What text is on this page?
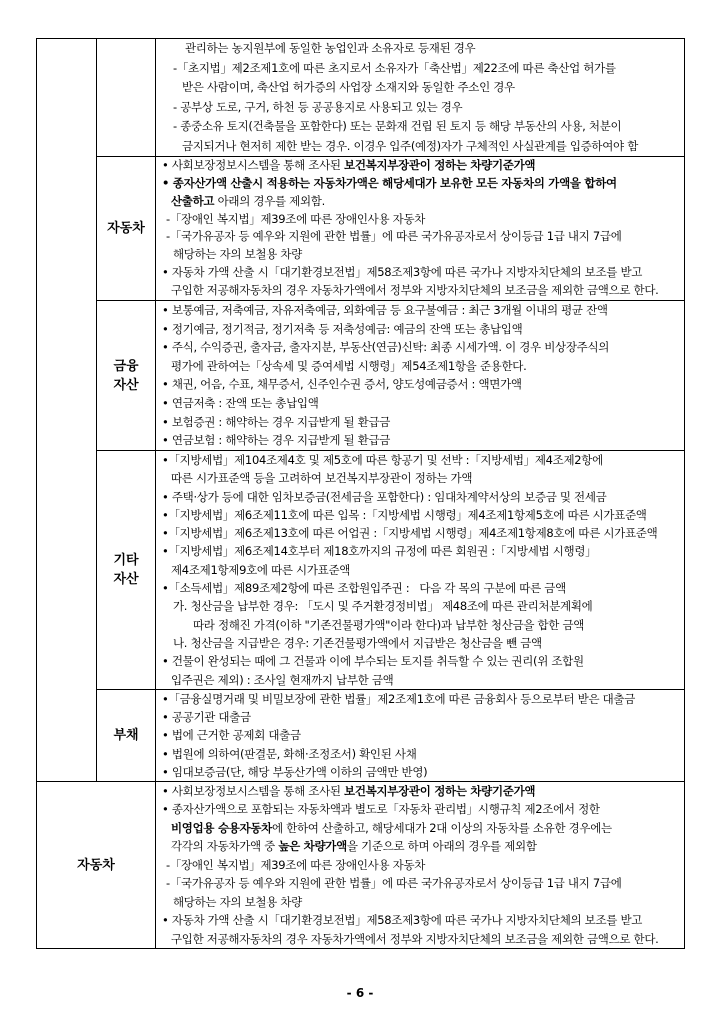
관리하는 농지원부에 동일한 농업인과 소유자로 등재된 경우
-「초지법」제2조제1호에 따른 초지로서 소유자가「축산법」제22조에 따른 축산업 허가를
받은 사람이며, 축산업 허가증의 사업장 소재지와 동일한 주소인 경우
- 공부상 도로, 구거, 하천 등 공공용지로 사용되고 있는 경우
- 종중소유 토지(건축물을 포함한다) 또는 문화재 건립 된 토지 등 해당 부동산의 사용, 처분이
금지되거나 현저히 제한 받는 경우. 이경우 입주(예정)자가 구체적인 사실관계를 입증하여야 함
자동차
• 사회보장정보시스템을 통해 조사된 보건복지부장관이 정하는 차량기준가액
• 종자산가액 산출시 적용하는 자동차가액은 해당세대가 보유한 모든 자동차의 가액을 합하여
산출하고 아래의 경우를 제외함.
-「장애인 복지법」제39조에 따른 장애인사용 자동차
-「국가유공자 등 예우와 지원에 관한 법률」에 따른 국가유공자로서 상이등급 1급 내지 7급에
해당하는 자의 보철용 차량
• 자동차 가액 산출 시「대기환경보전법」제58조제3항에 따른 국가나 지방자치단체의 보조를 받고
구입한 저공해자동차의 경우 자동차가액에서 정부와 지방자치단체의 보조금을 제외한 금액으로 한다.
금융
자산
• 보통예금, 저축예금, 자유저축예금, 외화예금 등 요구불예금 : 최근 3개월 이내의 평균 잔액
• 정기예금, 정기적금, 정기저축 등 저축성예금: 예금의 잔액 또는 총납입액
• 주식, 수익증권, 출자금, 출자지분, 부동산(연금)신탁: 최종 시세가액. 이 경우 비상장주식의
평가에 관하여는「상속세 및 증여세법 시행령」제54조제1항을 준용한다.
• 채권, 어음, 수표, 채무증서, 신주인수권 증서, 양도성예금증서 : 액면가액
• 연금저축 : 잔액 또는 총납입액
• 보험증권 : 해약하는 경우 지급받게 될 환급금
• 연금보험 : 해약하는 경우 지급받게 될 환급금
기타
자산
•「지방세법」제104조제4호 및 제5호에 따른 항공기 및 선박 :「지방세법」제4조제2항에
따른 시가표준액 등을 고려하여 보건복지부장관이 정하는 가액
• 주택·상가 등에 대한 임차보증금(전세금을 포함한다) : 임대차계약서상의 보증금 및 전세금
•「지방세법」제6조제11호에 따른 입목 :「지방세법 시행령」제4조제1항제5호에 따른 시가표준액
•「지방세법」제6조제13호에 따른 어업권 :「지방세법 시행령」제4조제1항제8호에 따른 시가표준액
•「지방세법」제6조제14호부터 제18호까지의 규정에 따른 회원권 :「지방세법 시행령」
제4조제1항제9호에 따른 시가표준액
•「소득세법」제89조제2항에 따른 조합원입주권 :   다음 각 목의 구분에 따른 금액
가. 청산금을 납부한 경우: 「도시 및 주거환경정비법」 제48조에 따른 관리처분계획에
따라 정해진 가격(이하 "기존건물평가액"이라 한다)과 납부한 청산금을 합한 금액
나. 청산금을 지급받은 경우: 기존건물평가액에서 지급받은 청산금을 뺀 금액
• 건물이 완성되는 때에 그 건물과 이에 부수되는 토지를 취득할 수 있는 권리(위 조합원
입주권은 제외) : 조사일 현재까지 납부한 금액
부채
•「금융실명거래 및 비밀보장에 관한 법률」제2조제1호에 따른 금융회사 등으로부터 받은 대출금
• 공공기관 대출금
• 법에 근거한 공제회 대출금
• 법원에 의하여(판결문, 화해·조정조서) 확인된 사채
• 임대보증금(단, 해당 부동산가액 이하의 금액만 반영)
자동차
• 사회보장정보시스템을 통해 조사된 보건복지부장관이 정하는 차량기준가액
• 종자산가액으로 포함되는 자동차액과 별도로「자동차 관리법」시행규칙 제2조에서 정한
비영업용 승용자동차에 한하여 산출하고, 해당세대가 2대 이상의 자동차를 소유한 경우에는
각각의 자동차가액 중 높은 차량가액을 기준으로 하며 아래의 경우를 제외함
-「장애인 복지법」제39조에 따른 장애인사용 자동차
-「국가유공자 등 예우와 지원에 관한 법률」에 따른 국가유공자로서 상이등급 1급 내지 7급에
해당하는 자의 보철용 차량
• 자동차 가액 산출 시「대기환경보전법」제58조제3항에 따른 국가나 지방자치단체의 보조를 받고
구입한 저공해자동차의 경우 자동차가액에서 정부와 지방자치단체의 보조금을 제외한 금액으로 한다.
- 6 -
